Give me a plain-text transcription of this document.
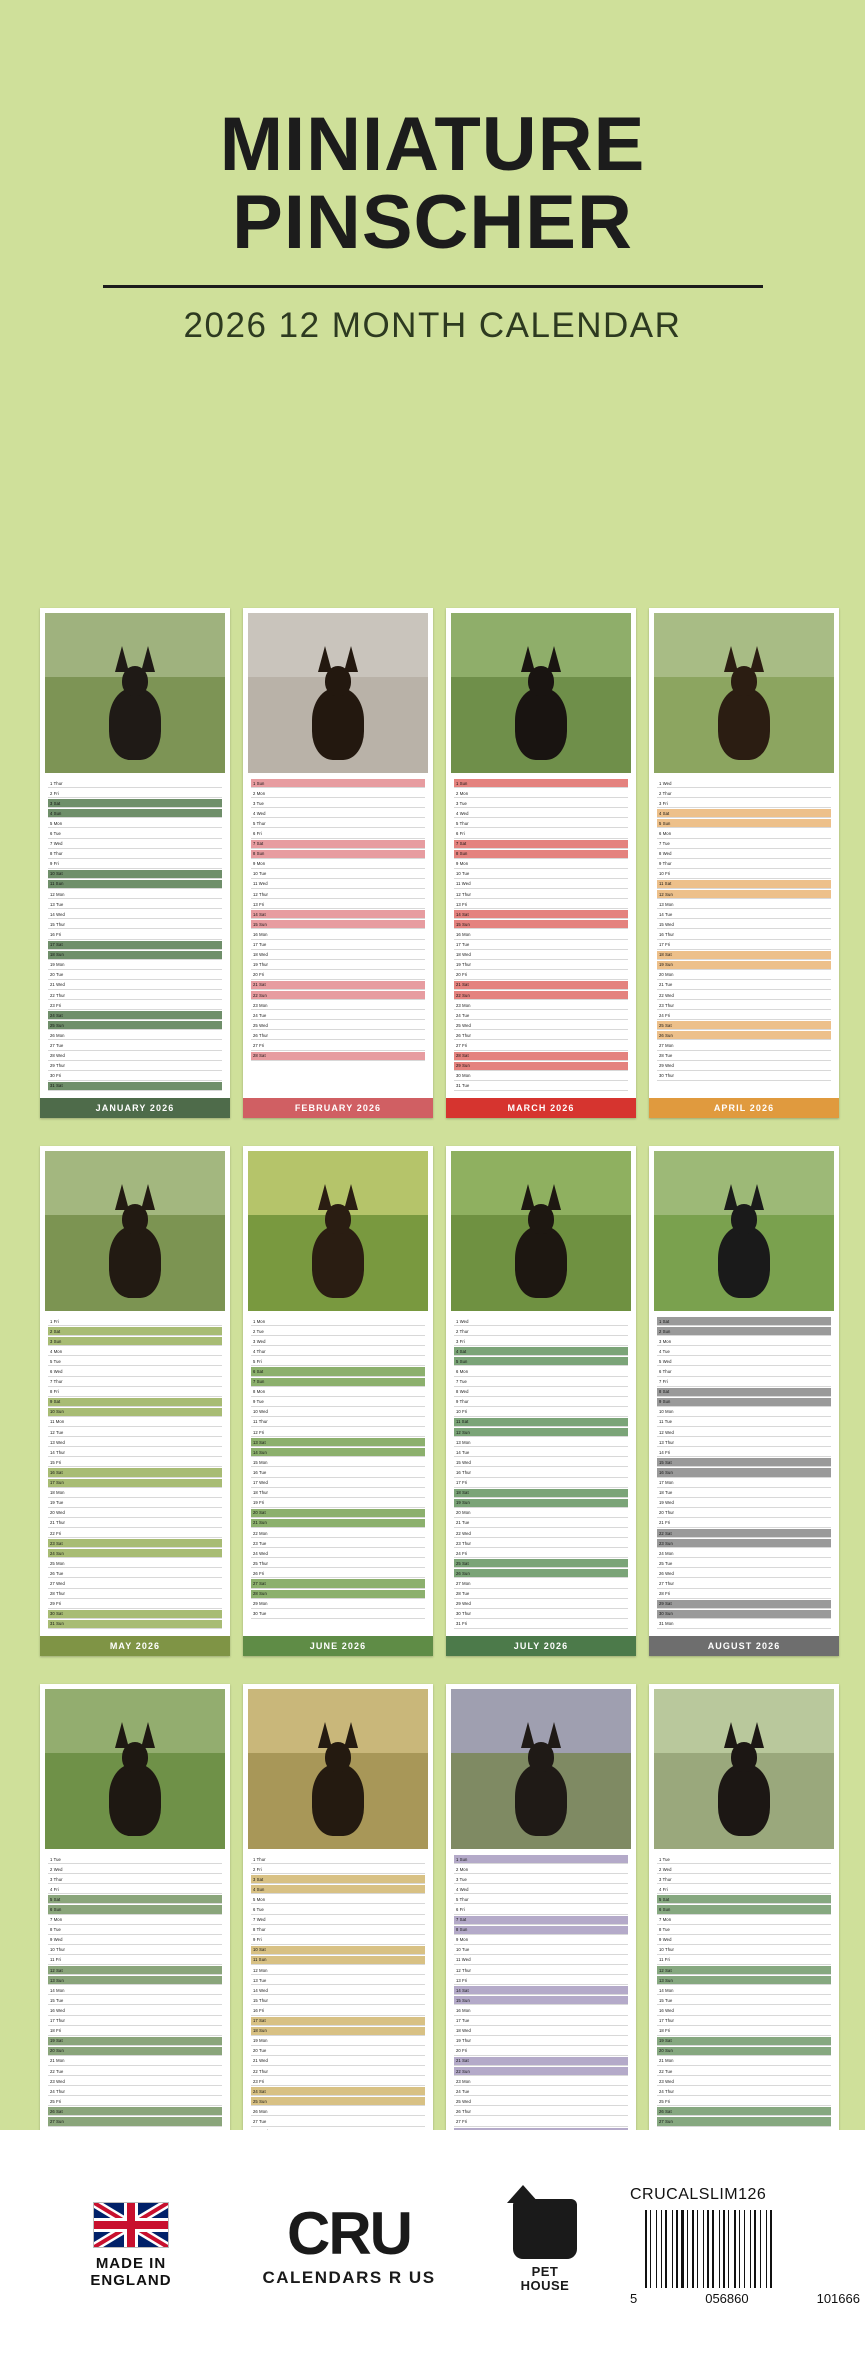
MINIATURE
PINSCHER
2026 12 MONTH CALENDAR
1 Thur
2 Fri
3 Sat
4 Sun
5 Mon
6 Tue
7 Wed
8 Thur
9 Fri
10 Sat
11 Sun
12 Mon
13 Tue
14 Wed
15 Thur
16 Fri
17 Sat
18 Sun
19 Mon
20 Tue
21 Wed
22 Thur
23 Fri
24 Sat
25 Sun
26 Mon
27 Tue
28 Wed
29 Thur
30 Fri
31 Sat
JANUARY 2026
1 Sun
2 Mon
3 Tue
4 Wed
5 Thur
6 Fri
7 Sat
8 Sun
9 Mon
10 Tue
11 Wed
12 Thur
13 Fri
14 Sat
15 Sun
16 Mon
17 Tue
18 Wed
19 Thur
20 Fri
21 Sat
22 Sun
23 Mon
24 Tue
25 Wed
26 Thur
27 Fri
28 Sat
FEBRUARY 2026
1 Sun
2 Mon
3 Tue
4 Wed
5 Thur
6 Fri
7 Sat
8 Sun
9 Mon
10 Tue
11 Wed
12 Thur
13 Fri
14 Sat
15 Sun
16 Mon
17 Tue
18 Wed
19 Thur
20 Fri
21 Sat
22 Sun
23 Mon
24 Tue
25 Wed
26 Thur
27 Fri
28 Sat
29 Sun
30 Mon
31 Tue
MARCH 2026
1 Wed
2 Thur
3 Fri
4 Sat
5 Sun
6 Mon
7 Tue
8 Wed
9 Thur
10 Fri
11 Sat
12 Sun
13 Mon
14 Tue
15 Wed
16 Thur
17 Fri
18 Sat
19 Sun
20 Mon
21 Tue
22 Wed
23 Thur
24 Fri
25 Sat
26 Sun
27 Mon
28 Tue
29 Wed
30 Thur
APRIL 2026
1 Fri
2 Sat
3 Sun
4 Mon
5 Tue
6 Wed
7 Thur
8 Fri
9 Sat
10 Sun
11 Mon
12 Tue
13 Wed
14 Thur
15 Fri
16 Sat
17 Sun
18 Mon
19 Tue
20 Wed
21 Thur
22 Fri
23 Sat
24 Sun
25 Mon
26 Tue
27 Wed
28 Thur
29 Fri
30 Sat
31 Sun
MAY 2026
1 Mon
2 Tue
3 Wed
4 Thur
5 Fri
6 Sat
7 Sun
8 Mon
9 Tue
10 Wed
11 Thur
12 Fri
13 Sat
14 Sun
15 Mon
16 Tue
17 Wed
18 Thur
19 Fri
20 Sat
21 Sun
22 Mon
23 Tue
24 Wed
25 Thur
26 Fri
27 Sat
28 Sun
29 Mon
30 Tue
JUNE 2026
1 Wed
2 Thur
3 Fri
4 Sat
5 Sun
6 Mon
7 Tue
8 Wed
9 Thur
10 Fri
11 Sat
12 Sun
13 Mon
14 Tue
15 Wed
16 Thur
17 Fri
18 Sat
19 Sun
20 Mon
21 Tue
22 Wed
23 Thur
24 Fri
25 Sat
26 Sun
27 Mon
28 Tue
29 Wed
30 Thur
31 Fri
JULY 2026
1 Sat
2 Sun
3 Mon
4 Tue
5 Wed
6 Thur
7 Fri
8 Sat
9 Sun
10 Mon
11 Tue
12 Wed
13 Thur
14 Fri
15 Sat
16 Sun
17 Mon
18 Tue
19 Wed
20 Thur
21 Fri
22 Sat
23 Sun
24 Mon
25 Tue
26 Wed
27 Thur
28 Fri
29 Sat
30 Sun
31 Mon
AUGUST 2026
1 Tue
2 Wed
3 Thur
4 Fri
5 Sat
6 Sun
7 Mon
8 Tue
9 Wed
10 Thur
11 Fri
12 Sat
13 Sun
14 Mon
15 Tue
16 Wed
17 Thur
18 Fri
19 Sat
20 Sun
21 Mon
22 Tue
23 Wed
24 Thur
25 Fri
26 Sat
27 Sun
1 Thur
2 Fri
3 Sat
4 Sun
5 Mon
6 Tue
7 Wed
8 Thur
9 Fri
10 Sat
11 Sun
12 Mon
13 Tue
14 Wed
15 Thur
16 Fri
17 Sat
18 Sun
19 Mon
20 Tue
21 Wed
22 Thur
23 Fri
24 Sat
25 Sun
26 Mon
27 Tue
1 Sun
2 Mon
3 Tue
4 Wed
5 Thur
6 Fri
7 Sat
8 Sun
9 Mon
10 Tue
11 Wed
12 Thur
13 Fri
14 Sat
15 Sun
16 Mon
17 Tue
18 Wed
19 Thur
20 Fri
21 Sat
22 Sun
23 Mon
24 Tue
25 Wed
26 Thur
27 Fri
1 Tue
2 Wed
3 Thur
4 Fri
5 Sat
6 Sun
7 Mon
8 Tue
9 Wed
10 Thur
11 Fri
12 Sat
13 Sun
14 Mon
15 Tue
16 Wed
17 Thur
18 Fri
19 Sat
20 Sun
21 Mon
22 Tue
23 Wed
24 Thur
25 Fri
26 Sat
27 Sun
MADE IN
ENGLAND
CRU
CALENDARS R US	PET
HOUSE
CRUCALSLIM126
5	056860	101666
